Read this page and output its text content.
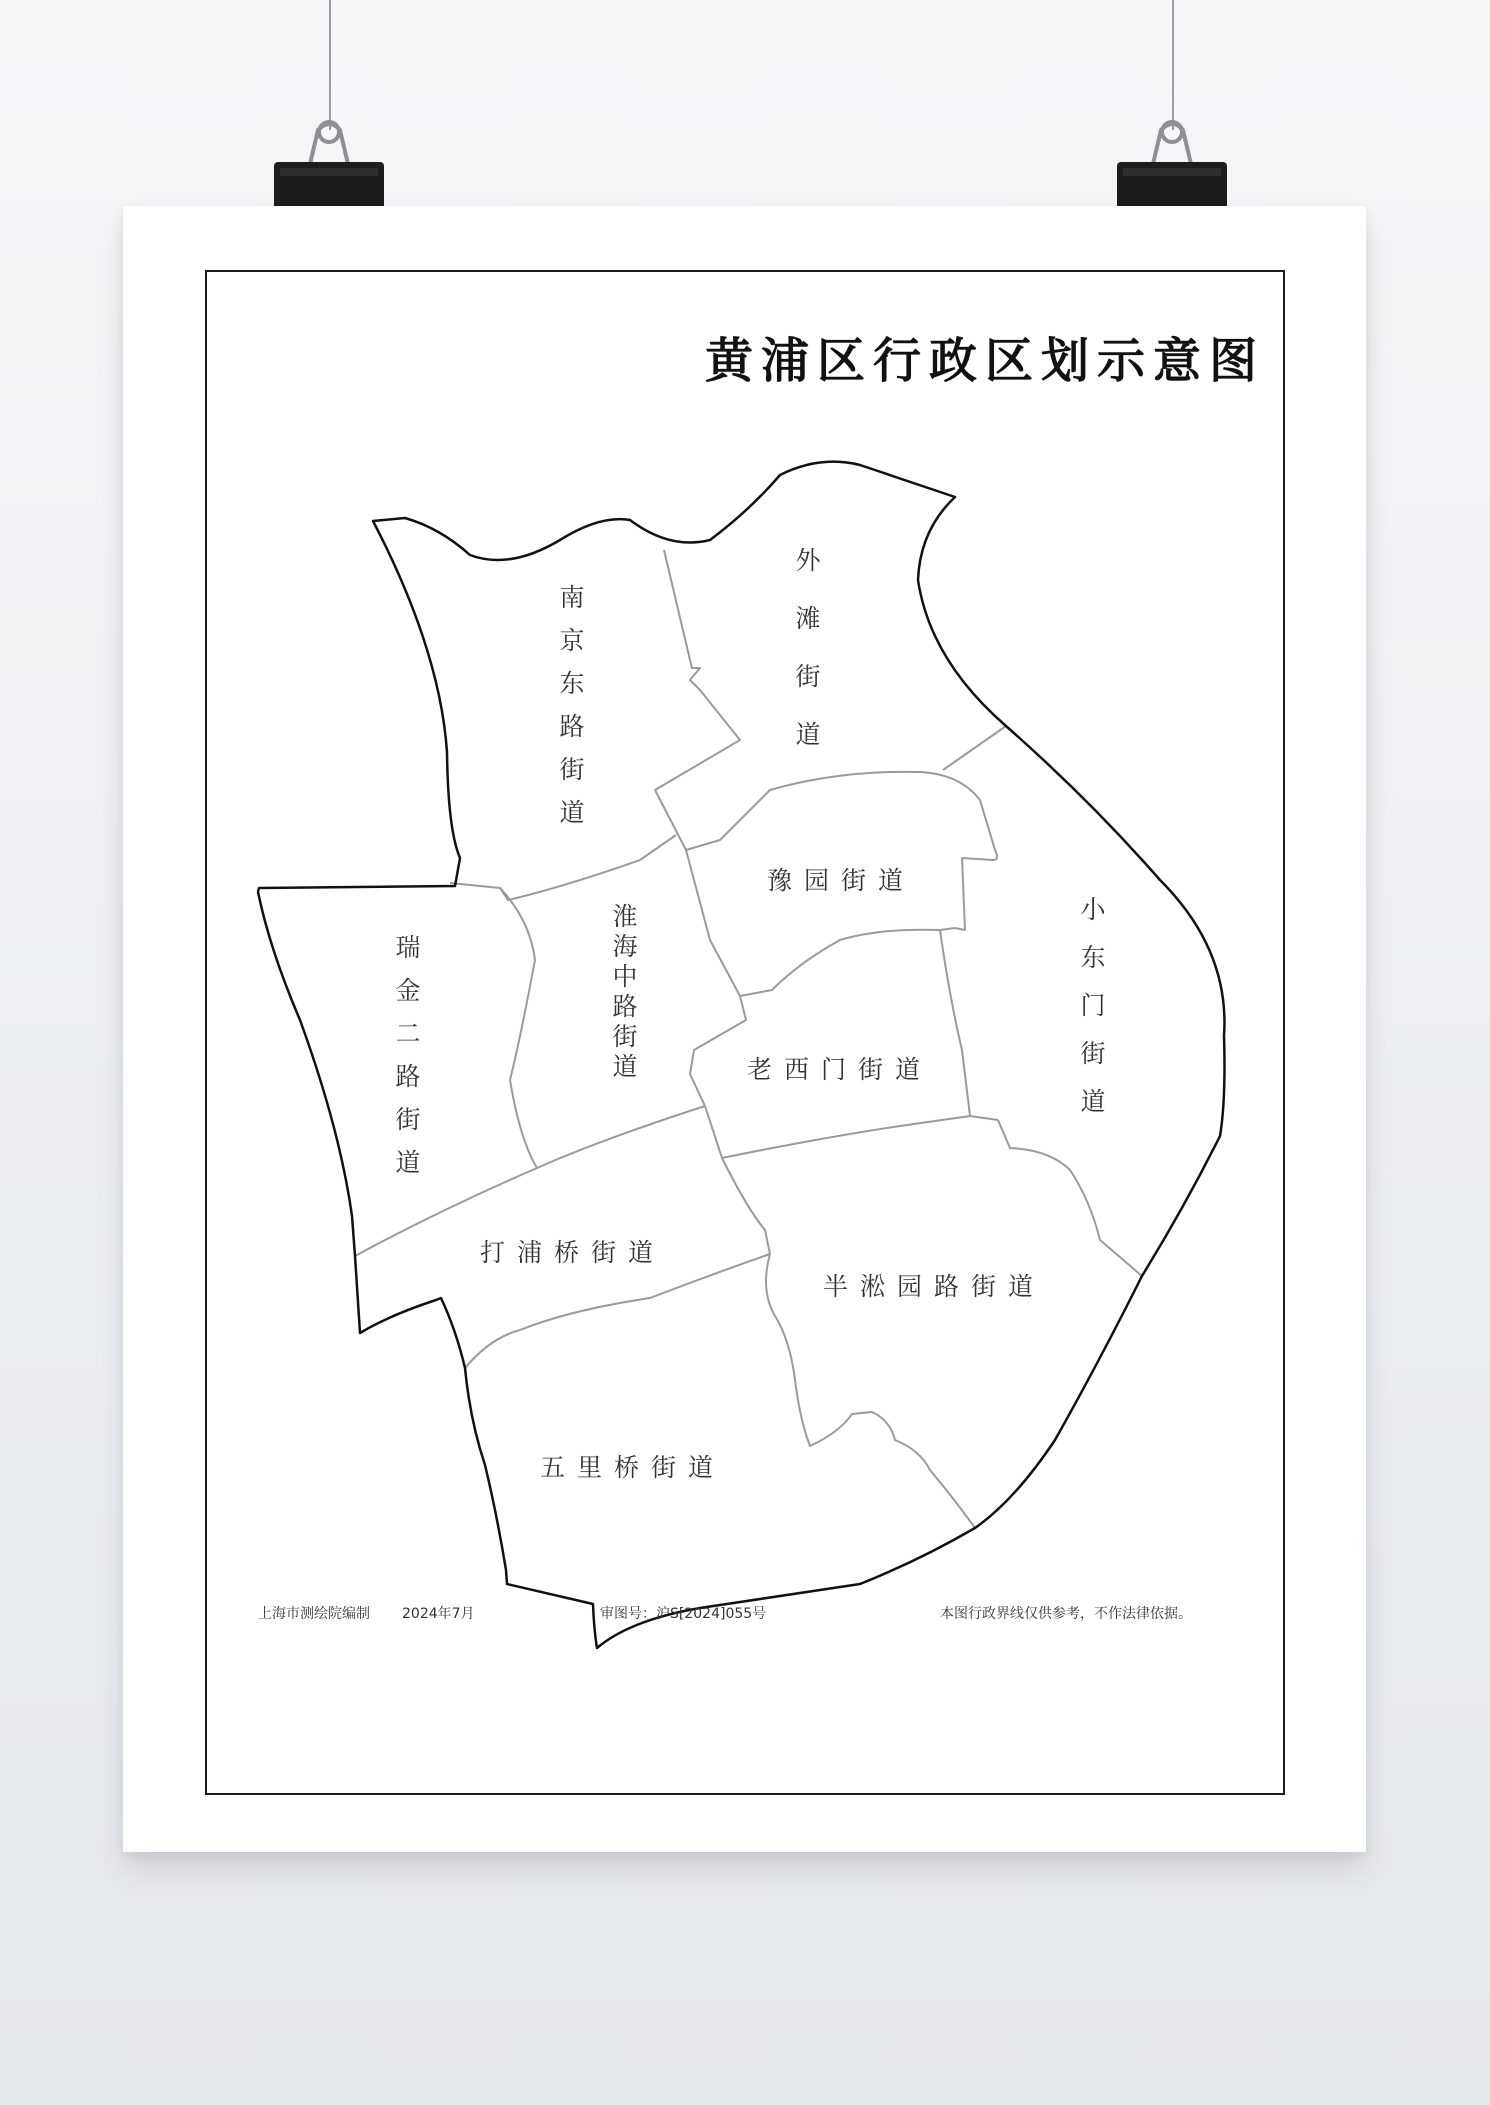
黄浦区行政区划示意图
南京东路街道
外滩街道
豫园街道
小东门街道
瑞金二路街道
淮海中路街道	老西门街道
打浦桥街道
半淞园路街道
五里桥街道
上海市测绘院编制 2024年7月	审图号：沪S[2024]055号	本图行政界线仅供参考，不作法律依据。
